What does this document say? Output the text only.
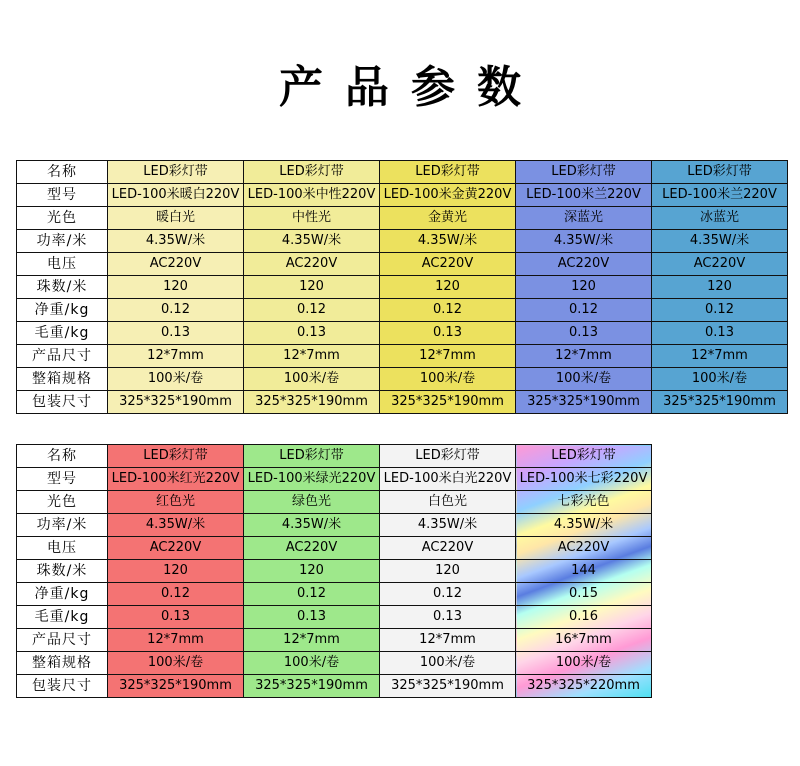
产品参数
名称	LED彩灯带	LED彩灯带	LED彩灯带	LED彩灯带	LED彩灯带
型号	LED-100米暖白220V	LED-100米中性220V	LED-100米金黄220V	LED-100米兰220V	LED-100米兰220V
光色	暖白光	中性光	金黄光	深蓝光	冰蓝光
功率/米	4.35W/米	4.35W/米	4.35W/米	4.35W/米	4.35W/米
电压	AC220V	AC220V	AC220V	AC220V	AC220V
珠数/米	120	120	120	120	120
净重/kg	0.12	0.12	0.12	0.12	0.12
毛重/kg	0.13	0.13	0.13	0.13	0.13
产品尺寸	12*7mm	12*7mm	12*7mm	12*7mm	12*7mm
整箱规格	100米/卷	100米/卷	100米/卷	100米/卷	100米/卷
包装尺寸	325*325*190mm	325*325*190mm	325*325*190mm	325*325*190mm	325*325*190mm
名称	LED彩灯带	LED彩灯带	LED彩灯带	LED彩灯带
型号	LED-100米红光220V	LED-100米绿光220V	LED-100米白光220V	LED-100米七彩220V
光色	红色光	绿色光	白色光	七彩光色
功率/米	4.35W/米	4.35W/米	4.35W/米	4.35W/米
电压	AC220V	AC220V	AC220V	AC220V
珠数/米	120	120	120	144
净重/kg	0.12	0.12	0.12	0.15
毛重/kg	0.13	0.13	0.13	0.16
产品尺寸	12*7mm	12*7mm	12*7mm	16*7mm
整箱规格	100米/卷	100米/卷	100米/卷	100米/卷
包装尺寸	325*325*190mm	325*325*190mm	325*325*190mm	325*325*220mm
